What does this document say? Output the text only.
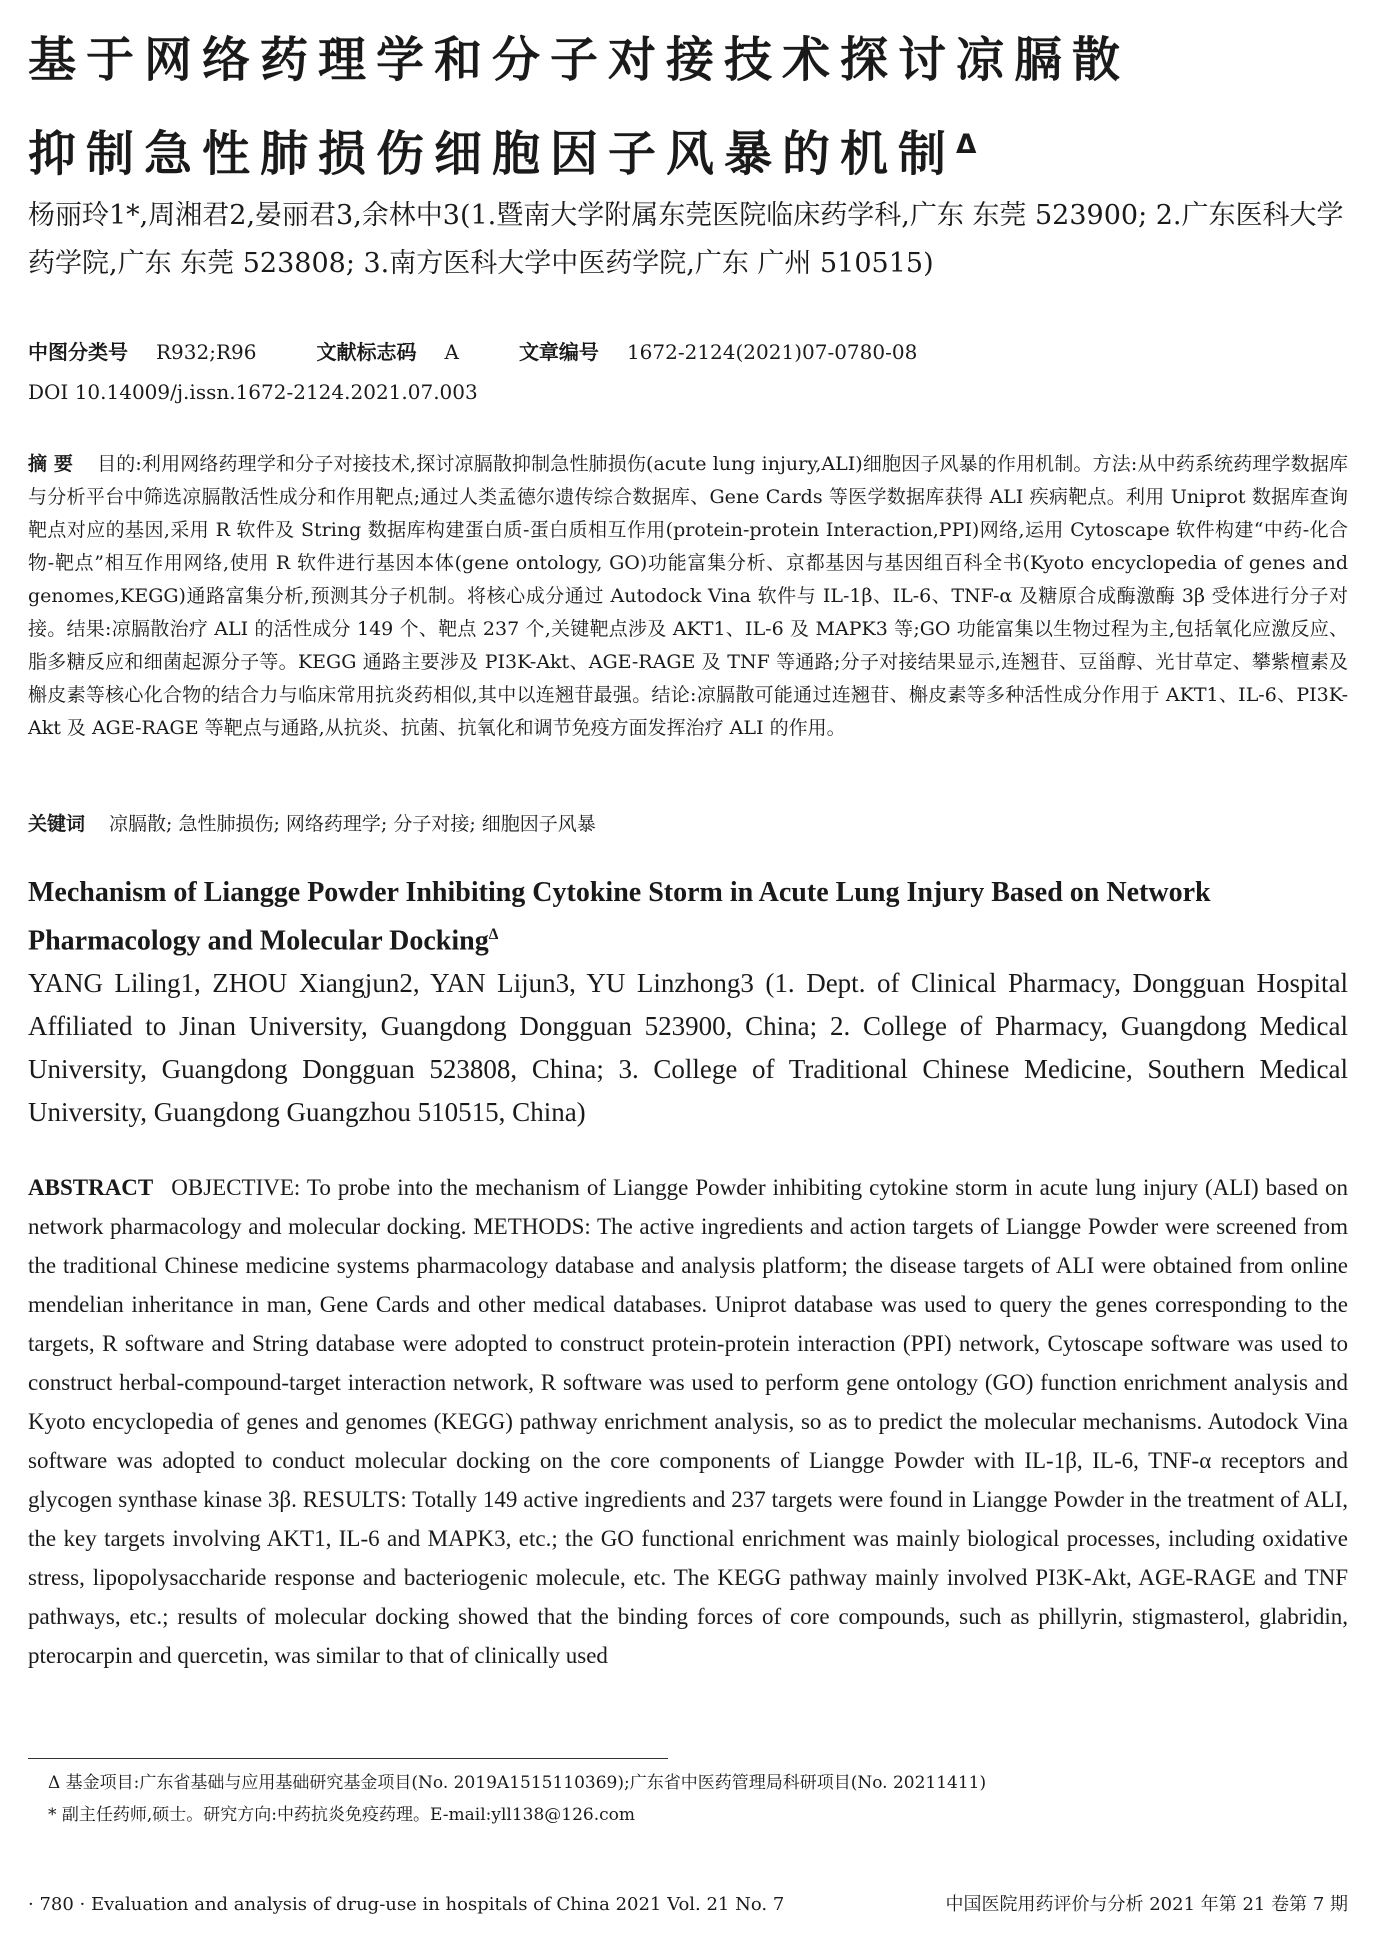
基于网络药理学和分子对接技术探讨凉膈散
抑制急性肺损伤细胞因子风暴的机制$^\Delta$

杨丽玲1*,周湘君2,晏丽君3,余林中3(1.暨南大学附属东莞医院临床药学科,广东 东莞 523900; 2.广东医科大学药学院,广东 东莞 523808; 3.南方医科大学中医药学院,广东 广州 510515)

中图分类号 R932;R96	文献标志码 A	文章编号 1672-2124(2021)07-0780-08
DOI 10.14009/j.issn.1672-2124.2021.07.003

摘 要 目的:利用网络药理学和分子对接技术,探讨凉膈散抑制急性肺损伤(acute lung injury,ALI)细胞因子风暴的作用机制。方法:从中药系统药理学数据库与分析平台中筛选凉膈散活性成分和作用靶点;通过人类孟德尔遗传综合数据库、Gene Cards 等医学数据库获得 ALI 疾病靶点。利用 Uniprot 数据库查询靶点对应的基因,采用 R 软件及 String 数据库构建蛋白质-蛋白质相互作用(protein-protein Interaction,PPI)网络,运用 Cytoscape 软件构建“中药-化合物-靶点”相互作用网络,使用 R 软件进行基因本体(gene ontology, GO)功能富集分析、京都基因与基因组百科全书(Kyoto encyclopedia of genes and genomes,KEGG)通路富集分析,预测其分子机制。将核心成分通过 Autodock Vina 软件与 IL-1β、IL-6、TNF-α 及糖原合成酶激酶 3β 受体进行分子对接。结果:凉膈散治疗 ALI 的活性成分 149 个、靶点 237 个,关键靶点涉及 AKT1、IL-6 及 MAPK3 等;GO 功能富集以生物过程为主,包括氧化应激反应、脂多糖反应和细菌起源分子等。KEGG 通路主要涉及 PI3K-Akt、AGE-RAGE 及 TNF 等通路;分子对接结果显示,连翘苷、豆甾醇、光甘草定、攀紫檀素及槲皮素等核心化合物的结合力与临床常用抗炎药相似,其中以连翘苷最强。结论:凉膈散可能通过连翘苷、槲皮素等多种活性成分作用于 AKT1、IL-6、PI3K-Akt 及 AGE-RAGE 等靶点与通路,从抗炎、抗菌、抗氧化和调节免疫方面发挥治疗 ALI 的作用。

关键词 凉膈散; 急性肺损伤; 网络药理学; 分子对接; 细胞因子风暴

Mechanism of Liangge Powder Inhibiting Cytokine Storm in Acute Lung Injury Based on Network Pharmacology and Molecular Docking$^\Delta$

YANG Liling1, ZHOU Xiangjun2, YAN Lijun3, YU Linzhong3 (1. Dept. of Clinical Pharmacy, Dongguan Hospital Affiliated to Jinan University, Guangdong Dongguan 523900, China; 2. College of Pharmacy, Guangdong Medical University, Guangdong Dongguan 523808, China; 3. College of Traditional Chinese Medicine, Southern Medical University, Guangdong Guangzhou 510515, China)

ABSTRACT OBJECTIVE: To probe into the mechanism of Liangge Powder inhibiting cytokine storm in acute lung injury (ALI) based on network pharmacology and molecular docking. METHODS: The active ingredients and action targets of Liangge Powder were screened from the traditional Chinese medicine systems pharmacology database and analysis platform; the disease targets of ALI were obtained from online mendelian inheritance in man, Gene Cards and other medical databases. Uniprot database was used to query the genes corresponding to the targets, R software and String database were adopted to construct protein-protein interaction (PPI) network, Cytoscape software was used to construct herbal-compound-target interaction network, R software was used to perform gene ontology (GO) function enrichment analysis and Kyoto encyclopedia of genes and genomes (KEGG) pathway enrichment analysis, so as to predict the molecular mechanisms. Autodock Vina software was adopted to conduct molecular docking on the core components of Liangge Powder with IL-1β, IL-6, TNF-α receptors and glycogen synthase kinase 3β. RESULTS: Totally 149 active ingredients and 237 targets were found in Liangge Powder in the treatment of ALI, the key targets involving AKT1, IL-6 and MAPK3, etc.; the GO functional enrichment was mainly biological processes, including oxidative stress, lipopolysaccharide response and bacteriogenic molecule, etc. The KEGG pathway mainly involved PI3K-Akt, AGE-RAGE and TNF pathways, etc.; results of molecular docking showed that the binding forces of core compounds, such as phillyrin, stigmasterol, glabridin, pterocarpin and quercetin, was similar to that of clinically used

Δ 基金项目:广东省基础与应用基础研究基金项目(No. 2019A1515110369);广东省中医药管理局科研项目(No. 20211411)

* 副主任药师,硕士。研究方向:中药抗炎免疫药理。E-mail:yll138@126.com

· 780 · Evaluation and analysis of drug-use in hospitals of China 2021 Vol. 21 No. 7	中国医院用药评价与分析 2021 年第 21 卷第 7 期
